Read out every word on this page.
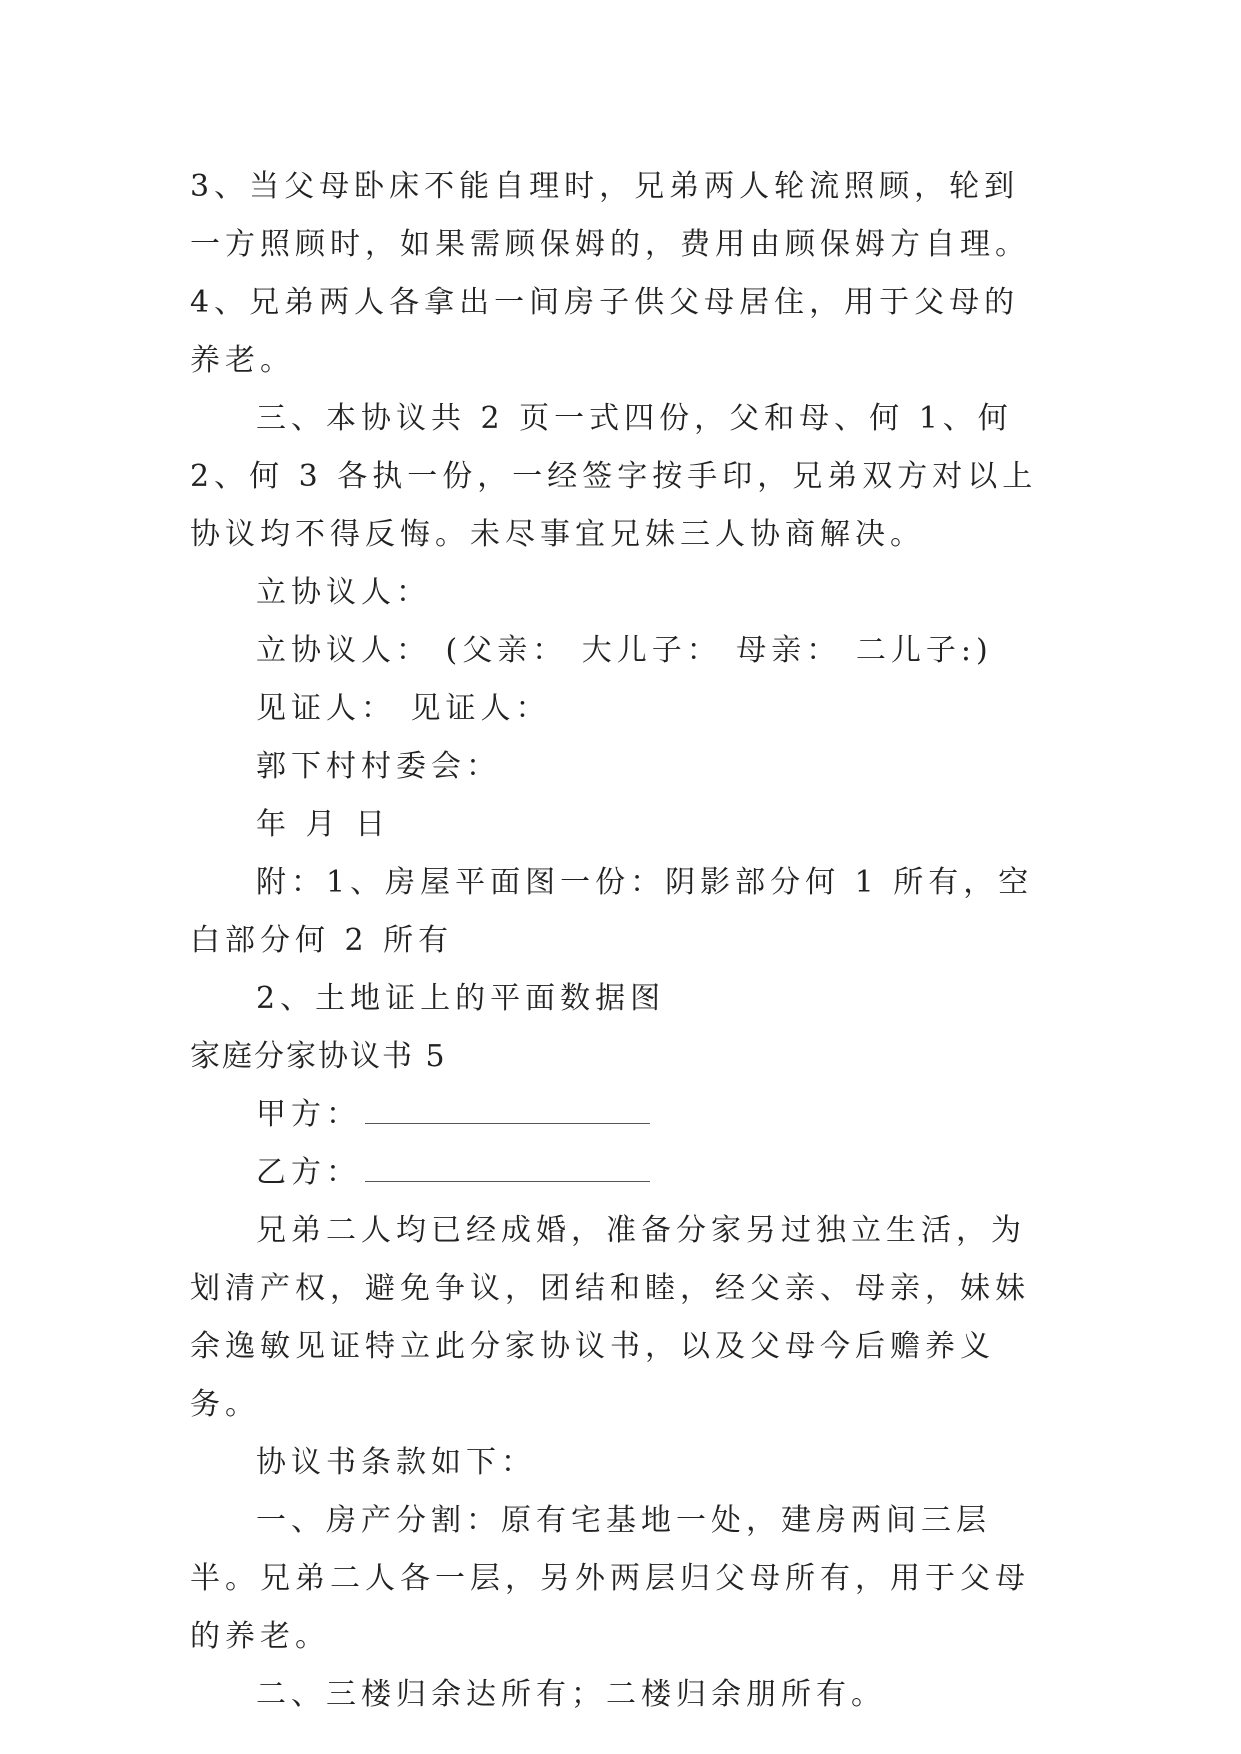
3、当父母卧床不能自理时，兄弟两人轮流照顾，轮到一方照顾时，如果需顾保姆的，费用由顾保姆方自理。4、兄弟两人各拿出一间房子供父母居住，用于父母的养老。

三、本协议共 2 页一式四份，父和母、何 1、何 2、何 3 各执一份，一经签字按手印，兄弟双方对以上协议均不得反悔。未尽事宜兄妹三人协商解决。

立协议人：

立协议人： (父亲： 大儿子： 母亲： 二儿子:)

见证人： 见证人：

郭下村村委会：

年 月 日

附：1、房屋平面图一份：阴影部分何 1 所有，空白部分何 2 所有

2、土地证上的平面数据图

家庭分家协议书 5

甲方：

乙方：

兄弟二人均已经成婚，准备分家另过独立生活，为划清产权，避免争议，团结和睦，经父亲、母亲，妹妹余逸敏见证特立此分家协议书，以及父母今后赡养义务。

协议书条款如下：

一、房产分割：原有宅基地一处，建房两间三层半。兄弟二人各一层，另外两层归父母所有，用于父母的养老。

二、三楼归余达所有；二楼归余朋所有。
